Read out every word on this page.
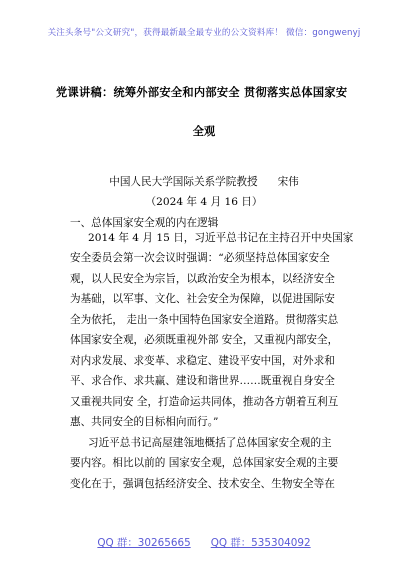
关注头条号"公文研究"，获得最新最全最专业的公文资料库！ 微信：gongwenyj
党课讲稿：统筹外部安全和内部安全 贯彻落实总体国家安
全观
中国人民大学国际关系学院教授 宋伟
（2024 年 4 月 16 日）
一、总体国家安全观的内在逻辑
2014 年 4 月 15 日，习近平总书记在主持召开中央国家
安全委员会第一次会议时强调：“必须坚持总体国家安全
观，以人民安全为宗旨，以政治安全为根本，以经济安全
为基础，以军事、文化、社会安全为保障，以促进国际安
全为依托， 走出一条中国特色国家安全道路。贯彻落实总
体国家安全观，必须既重视外部 安全，又重视内部安全，
对内求发展、求变革、求稳定、建设平安中国，对外求和
平、求合作、求共赢、建设和谐世界……既重视自身安全
又重视共同安 全，打造命运共同体，推动各方朝着互利互
惠、共同安全的目标相向而行。”
习近平总书记高屋建瓴地概括了总体国家安全观的主
要内容。相比以前的 国家安全观，总体国家安全观的主要
变化在于，强调包括经济安全、技术安全、生物安全等在
QQ 群：30265665 QQ 群：535304092
